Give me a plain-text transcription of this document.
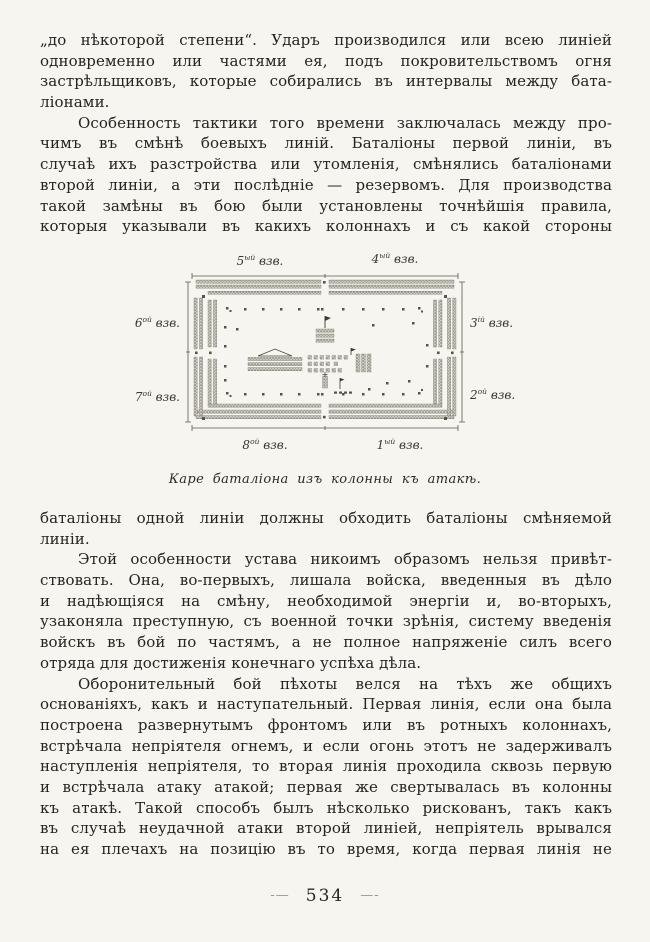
„до нѣкоторой степени“. Ударъ производился или всею линіей
одновременно или частями ея, подъ покровительствомъ огня
застрѣльщиковъ, которые собирались въ интервалы между бата-
ліонами.
Особенность тактики того времени заключалась между про-
чимъ въ смѣнѣ боевыхъ линій. Баталіоны первой линіи, въ
случаѣ ихъ разстройства или утомленія, смѣнялись баталіонами
второй линіи, а эти послѣдніе — резервомъ. Для производства
такой замѣны въ бою были установлены точнѣйшія правила,
которыя указывали въ какихъ колоннахъ и съ какой стороны
$5^{ый}$ взв.	$4^{ый}$ взв.
$6^{ой}$ взв.	$3^{ій}$ взв.
$7^{ой}$ взв.	$2^{ой}$ взв.
$8^{ой}$ взв.	$1^{ый}$ взв.
Каре баталіона изъ колонны къ атакѣ.
баталіоны одной линіи должны обходить баталіоны смѣняемой
линіи.
Этой особенности устава никоимъ образомъ нельзя привѣт-
ствовать. Она, во-первыхъ, лишала войска, введенныя въ дѣло
и надѣющіяся на смѣну, необходимой энергіи и, во-вторыхъ,
узаконяла преступную, съ военной точки зрѣнія, систему введенія
войскъ въ бой по частямъ, а не полное напряженіе силъ всего
отряда для достиженія конечнаго успѣха дѣла.
Оборонительный бой пѣхоты велся на тѣхъ же общихъ
основаніяхъ, какъ и наступательный. Первая линія, если она была
построена развернутымъ фронтомъ или въ ротныхъ колоннахъ,
встрѣчала непріятеля огнемъ, и если огонь этотъ не задерживалъ
наступленія непріятеля, то вторая линія проходила сквозь первую
и встрѣчала атаку атакой; первая же свертывалась въ колонны
къ атакѣ. Такой способъ былъ нѣсколько рискованъ, такъ какъ
въ случаѣ неудачной атаки второй линіей, непріятель врывался
на ея плечахъ на позицію въ то время, когда первая линія не
-— 534 —-
